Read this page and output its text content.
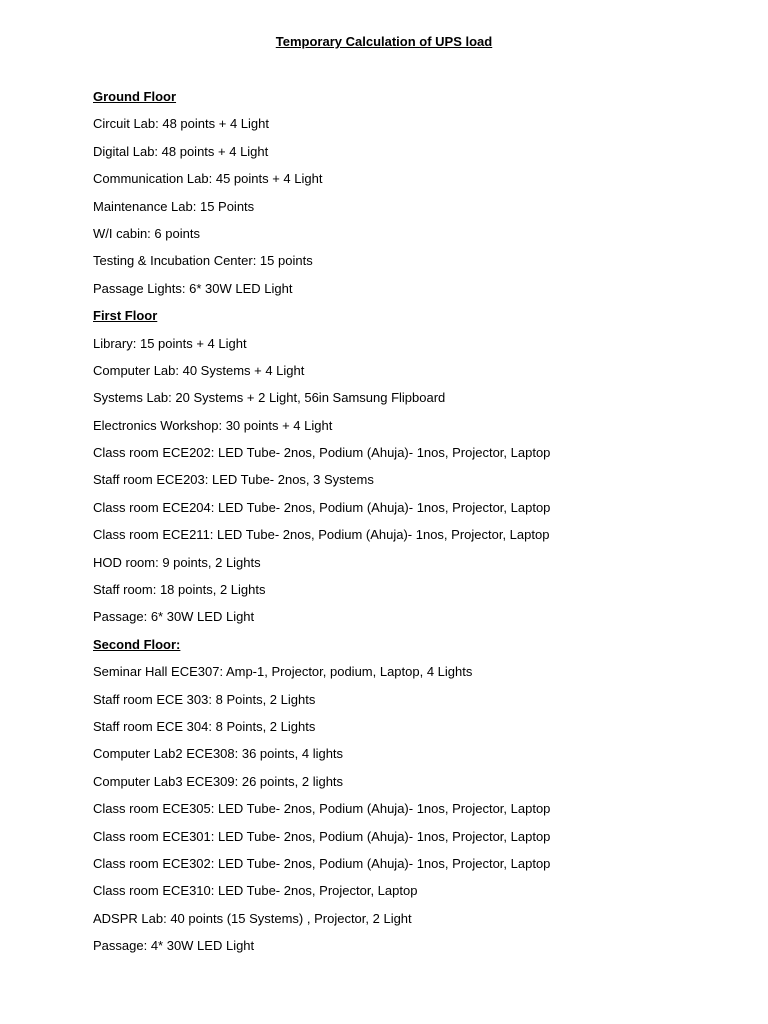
Temporary Calculation of UPS load
Ground Floor
Circuit Lab: 48 points + 4 Light
Digital Lab: 48 points + 4 Light
Communication Lab: 45 points + 4 Light
Maintenance Lab: 15 Points
W/I cabin: 6 points
Testing & Incubation Center: 15 points
Passage Lights: 6* 30W LED Light
First Floor
Library: 15 points + 4 Light
Computer Lab: 40 Systems + 4 Light
Systems Lab: 20 Systems + 2 Light, 56in Samsung Flipboard
Electronics Workshop: 30 points + 4 Light
Class room ECE202: LED Tube- 2nos, Podium (Ahuja)- 1nos, Projector, Laptop
Staff room ECE203: LED Tube- 2nos, 3 Systems
Class room ECE204: LED Tube- 2nos, Podium (Ahuja)- 1nos, Projector, Laptop
Class room ECE211: LED Tube- 2nos, Podium (Ahuja)- 1nos, Projector, Laptop
HOD room: 9 points, 2 Lights
Staff room: 18 points, 2 Lights
Passage: 6* 30W LED Light
Second Floor:
Seminar Hall ECE307: Amp-1, Projector, podium, Laptop, 4 Lights
Staff room ECE 303: 8 Points, 2 Lights
Staff room ECE 304: 8 Points, 2 Lights
Computer Lab2 ECE308: 36 points, 4 lights
Computer Lab3 ECE309: 26 points, 2 lights
Class room ECE305: LED Tube- 2nos, Podium (Ahuja)- 1nos, Projector, Laptop
Class room ECE301: LED Tube- 2nos, Podium (Ahuja)- 1nos, Projector, Laptop
Class room ECE302: LED Tube- 2nos, Podium (Ahuja)- 1nos, Projector, Laptop
Class room ECE310: LED Tube- 2nos, Projector, Laptop
ADSPR Lab: 40 points (15 Systems) , Projector, 2 Light
Passage: 4* 30W LED Light
